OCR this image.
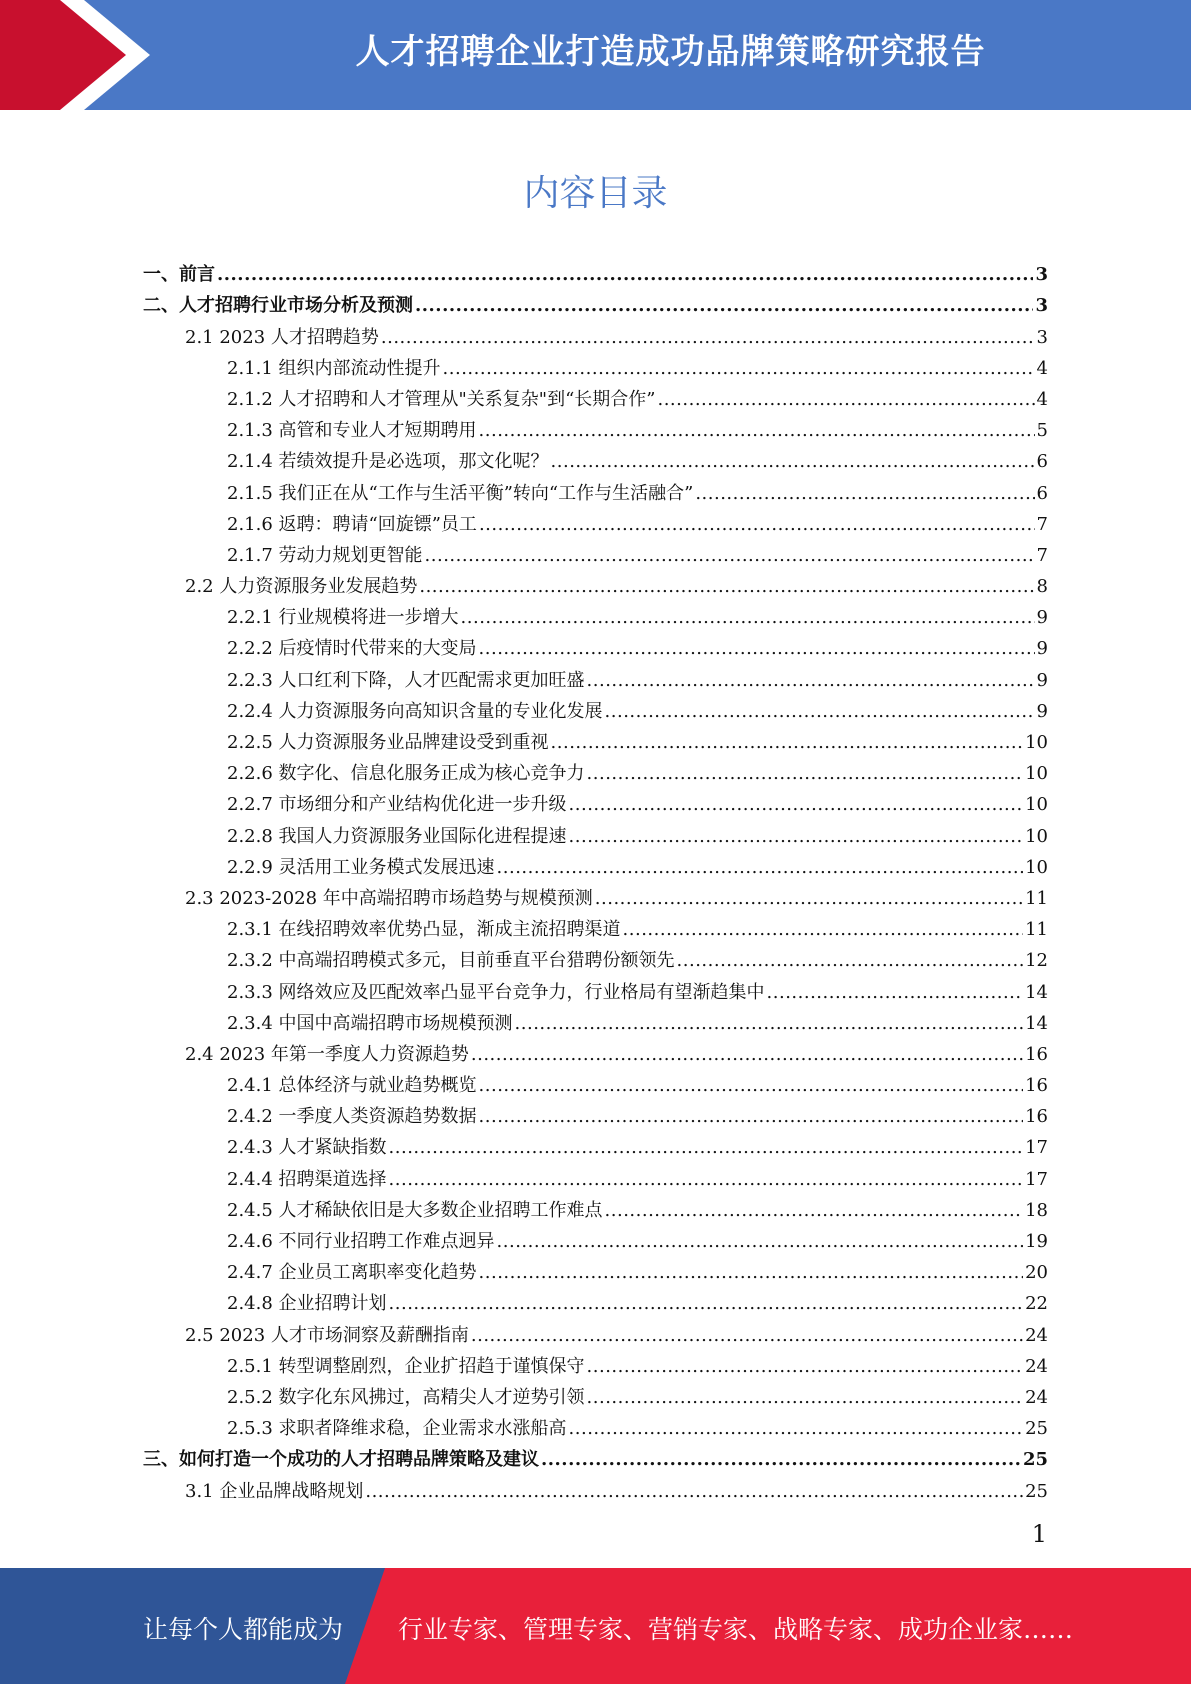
人才招聘企业打造成功品牌策略研究报告
内容目录
一、前言 .....	3
二、人才招聘行业市场分析及预测 .....	3
2.1 2023 人才招聘趋势 .....	3
2.1.1 组织内部流动性提升 .....	4
2.1.2 人才招聘和人才管理从"关系复杂"到“长期合作” .....	4
2.1.3 高管和专业人才短期聘用 .....	5
2.1.4 若绩效提升是必选项，那文化呢？ .....	6
2.1.5 我们正在从“工作与生活平衡”转向“工作与生活融合” .....	6
2.1.6 返聘：聘请“回旋镖”员工 .....	7
2.1.7 劳动力规划更智能 .....	7
2.2 人力资源服务业发展趋势 .....	8
2.2.1 行业规模将进一步增大 .....	9
2.2.2 后疫情时代带来的大变局 .....	9
2.2.3 人口红利下降，人才匹配需求更加旺盛 .....	9
2.2.4 人力资源服务向高知识含量的专业化发展 .....	9
2.2.5 人力资源服务业品牌建设受到重视 .....	10
2.2.6 数字化、信息化服务正成为核心竞争力 .....	10
2.2.7 市场细分和产业结构优化进一步升级 .....	10
2.2.8 我国人力资源服务业国际化进程提速 .....	10
2.2.9 灵活用工业务模式发展迅速 .....	10
2.3 2023-2028 年中高端招聘市场趋势与规模预测 .....	11
2.3.1 在线招聘效率优势凸显，渐成主流招聘渠道 .....	11
2.3.2 中高端招聘模式多元，目前垂直平台猎聘份额领先 .....	12
2.3.3 网络效应及匹配效率凸显平台竞争力，行业格局有望渐趋集中 .....	14
2.3.4 中国中高端招聘市场规模预测 .....	14
2.4 2023 年第一季度人力资源趋势 .....	16
2.4.1 总体经济与就业趋势概览 .....	16
2.4.2 一季度人类资源趋势数据 .....	16
2.4.3 人才紧缺指数 .....	17
2.4.4 招聘渠道选择 .....	17
2.4.5 人才稀缺依旧是大多数企业招聘工作难点 .....	18
2.4.6 不同行业招聘工作难点迥异 .....	19
2.4.7 企业员工离职率变化趋势 .....	20
2.4.8 企业招聘计划 .....	22
2.5 2023 人才市场洞察及薪酬指南 .....	24
2.5.1 转型调整剧烈，企业扩招趋于谨慎保守 .....	24
2.5.2 数字化东风拂过，高精尖人才逆势引领 .....	24
2.5.3 求职者降维求稳，企业需求水涨船高 .....	25
三、如何打造一个成功的人才招聘品牌策略及建议 .....	25
3.1 企业品牌战略规划 .....	25
1
让每个人都能成为 行业专家、管理专家、营销专家、战略专家、成功企业家……
